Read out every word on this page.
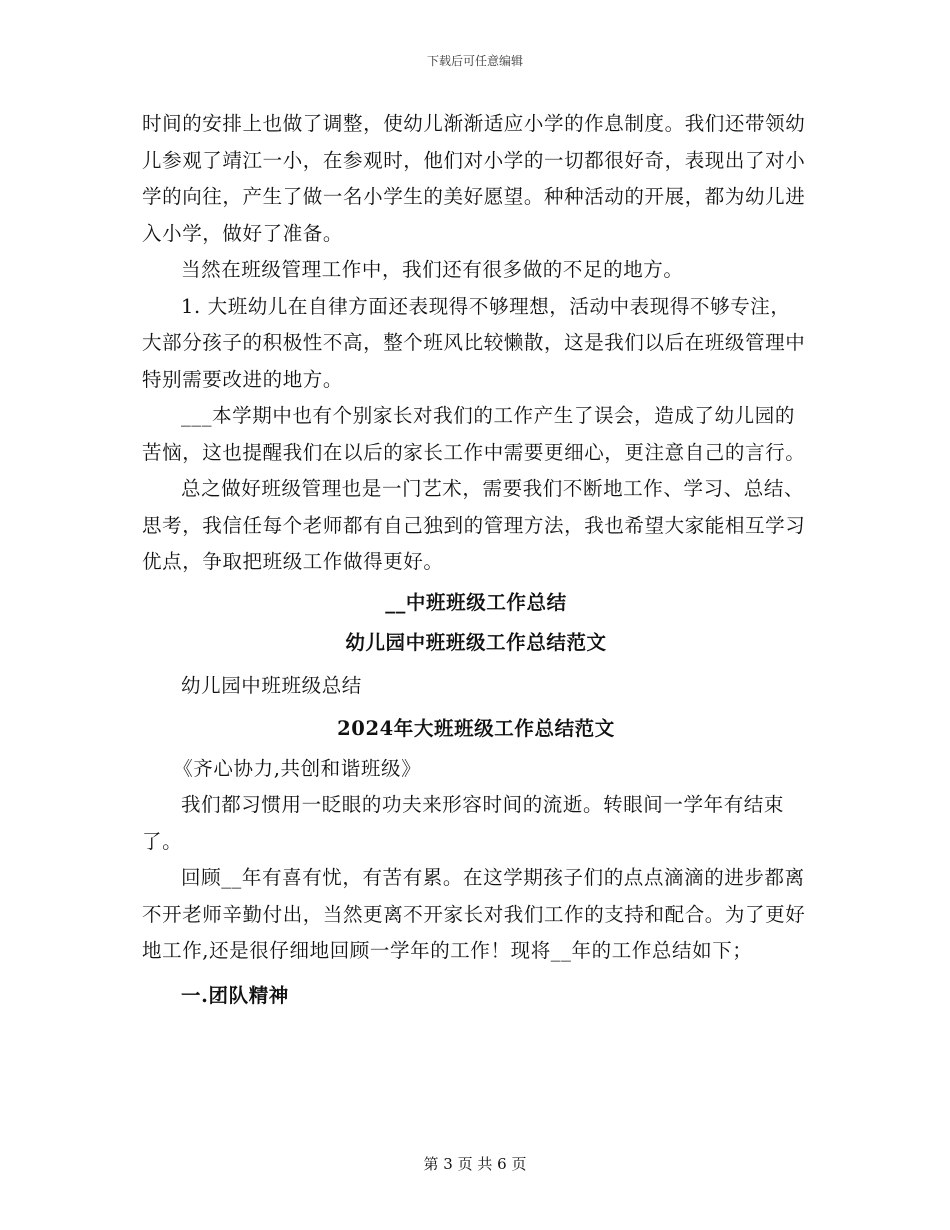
下载后可任意编辑

时间的安排上也做了调整，使幼儿渐渐适应小学的作息制度。我们还带领幼儿参观了靖江一小，在参观时，他们对小学的一切都很好奇，表现出了对小学的向往，产生了做一名小学生的美好愿望。种种活动的开展，都为幼儿进入小学，做好了准备。

当然在班级管理工作中，我们还有很多做的不足的地方。

1. 大班幼儿在自律方面还表现得不够理想，活动中表现得不够专注，大部分孩子的积极性不高，整个班风比较懒散，这是我们以后在班级管理中特别需要改进的地方。

___本学期中也有个别家长对我们的工作产生了误会，造成了幼儿园的苦恼，这也提醒我们在以后的家长工作中需要更细心，更注意自己的言行。

总之做好班级管理也是一门艺术，需要我们不断地工作、学习、总结、思考，我信任每个老师都有自己独到的管理方法，我也希望大家能相互学习优点，争取把班级工作做得更好。

__中班班级工作总结

幼儿园中班班级工作总结范文

幼儿园中班班级总结

2024年大班班级工作总结范文

《齐心协力,共创和谐班级》

我们都习惯用一眨眼的功夫来形容时间的流逝。转眼间一学年有结束了。

回顾__年有喜有忧，有苦有累。在这学期孩子们的点点滴滴的进步都离不开老师辛勤付出，当然更离不开家长对我们工作的支持和配合。为了更好地工作,还是很仔细地回顾一学年的工作！现将__年的工作总结如下；

一.团队精神

第 3 页 共 6 页
